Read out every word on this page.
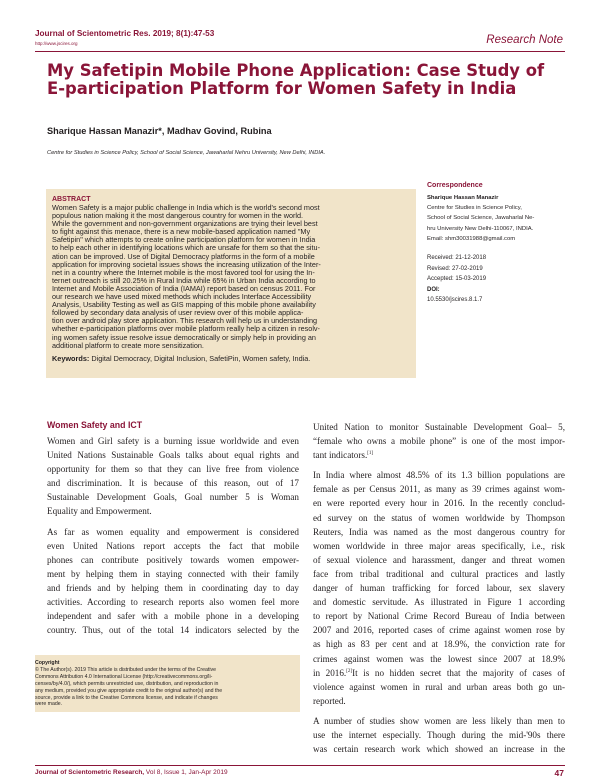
Journal of Scientometric Res. 2019; 8(1):47-53
http://www.jscires.org	Research Note
My Safetipin Mobile Phone Application: Case Study of E-participation Platform for Women Safety in India
Sharique Hassan Manazir*, Madhav Govind, Rubina
Centre for Studies in Science Policy, School of Social Science, Jawaharlal Nehru University, New Delhi, INDIA.
ABSTRACT
Women Safety is a major public challenge in India which is the world's second most
populous nation making it the most dangerous country for women in the world.
While the government and non-government organizations are trying their level best
to fight against this menace, there is a new mobile-based application named "My
Safetipin" which attempts to create online participation platform for women in India
to help each other in identifying locations which are unsafe for them so that the situ-
ation can be improved. Use of Digital Democracy platforms in the form of a mobile
application for improving societal issues shows the increasing utilization of the Inter-
net in a country where the Internet mobile is the most favored tool for using the In-
ternet outreach is still 20.25% in Rural India while 65% in Urban India according to
Internet and Mobile Association of India (IAMAI) report based on census 2011. For
our research we have used mixed methods which includes Interface Accessibility
Analysis, Usability Testing as well as GIS mapping of this mobile phone availability
followed by secondary data analysis of user review over of this mobile applica-
tion over android play store application. This research will help us in understanding
whether e-participation platforms over mobile platform really help a citizen in resolv-
ing women safety issue resolve issue democratically or simply help in providing an
additional platform to create more sensitization.
Keywords: Digital Democracy, Digital Inclusion, SafetiPin, Women safety, India.
Correspondence
Sharique Hassan Manazir
Centre for Studies in Science Policy,
School of Social Science, Jawaharlal Ne-
hru University New Delhi-110067, INDIA.
Email: shm30031988@gmail.com
Received: 21-12-2018
Revised: 27-02-2019
Accepted: 15-03-2019
DOI:
10.5530/jscires.8.1.7
Women Safety and ICT

Women and Girl safety is a burning issue worldwide and even
United Nations Sustainable Goals talks about equal rights and
opportunity for them so that they can live free from violence
and discrimination. It is because of this reason, out of 17
Sustainable Development Goals, Goal number 5 is Woman
Equality and Empowerment.

As far as women equality and empowerment is considered
even United Nations report accepts the fact that mobile
phones can contribute positively towards women empower-
ment by helping them in staying connected with their family
and friends and by helping them in coordinating day to day
activities. According to research reports also women feel more
independent and safer with a mobile phone in a developing
country. Thus, out of the total 14 indicators selected by the

Copyright
© The Author(s). 2019 This article is distributed under the terms of the Creative
Commons Attribution 4.0 International License (http://creativecommons.org/li-
censes/by/4.0/), which permits unrestricted use, distribution, and reproduction in
any medium, provided you give appropriate credit to the original author(s) and the
source, provide a link to the Creative Commons license, and indicate if changes
were made.

United Nation to monitor Sustainable Development Goal– 5,
“female who owns a mobile phone” is one of the most impor-
tant indicators.[1]

In India where almost 48.5% of its 1.3 billion populations are
female as per Census 2011, as many as 39 crimes against wom-
en were reported every hour in 2016. In the recently conclud-
ed survey on the status of women worldwide by Thompson
Reuters, India was named as the most dangerous country for
women worldwide in three major areas specifically, i.e., risk
of sexual violence and harassment, danger and threat women
face from tribal traditional and cultural practices and lastly
danger of human trafficking for forced labour, sex slavery
and domestic servitude. As illustrated in Figure 1 according
to report by National Crime Record Bureau of India between
2007 and 2016, reported cases of crime against women rose by
as high as 83 per cent and at 18.9%, the conviction rate for
crimes against women was the lowest since 2007 at 18.9%
in 2016.[2]It is no hidden secret that the majority of cases of
violence against women in rural and urban areas both go un-
reported.

A number of studies show women are less likely than men to
use the internet especially. Though during the mid-'90s there
was certain research work which showed an increase in the

Journal of Scientometric Research, Vol 8, Issue 1, Jan-Apr 2019	47
